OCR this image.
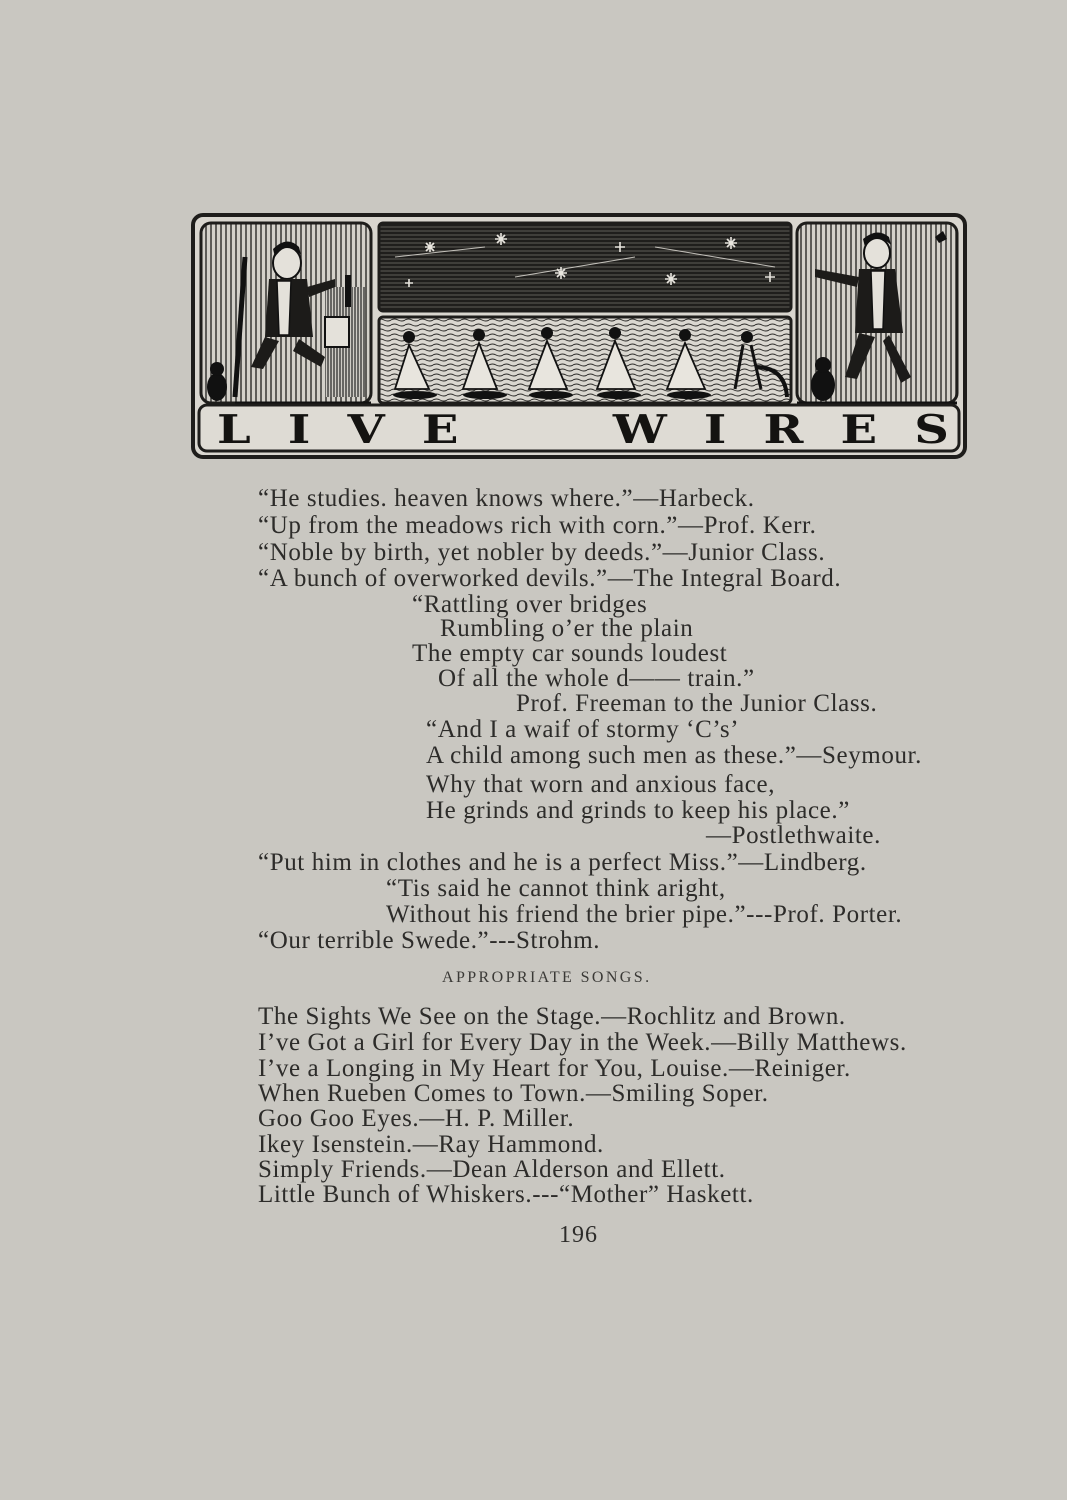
L I V E	W I R E S
“He studies. heaven knows where.”—Harbeck.
“Up from the meadows rich with corn.”—Prof. Kerr.
“Noble by birth, yet nobler by deeds.”—Junior Class.
“A bunch of overworked devils.”—The Integral Board.
“Rattling over bridges
Rumbling o’er the plain
The empty car sounds loudest
Of all the whole d—— train.”
Prof. Freeman to the Junior Class.
“And I a waif of stormy ‘C’s’
A child among such men as these.”—Seymour.
Why that worn and anxious face,
He grinds and grinds to keep his place.”
—Postlethwaite.
“Put him in clothes and he is a perfect Miss.”—Lindberg.
“Tis said he cannot think aright,
Without his friend the brier pipe.”---Prof. Porter.
“Our terrible Swede.”---Strohm.
APPROPRIATE SONGS.
The Sights We See on the Stage.—Rochlitz and Brown.
I’ve Got a Girl for Every Day in the Week.—Billy Matthews.
I’ve a Longing in My Heart for You, Louise.—Reiniger.
When Rueben Comes to Town.—Smiling Soper.
Goo Goo Eyes.—H. P. Miller.
Ikey Isenstein.—Ray Hammond.
Simply Friends.—Dean Alderson and Ellett.
Little Bunch of Whiskers.---“Mother” Haskett.
196
